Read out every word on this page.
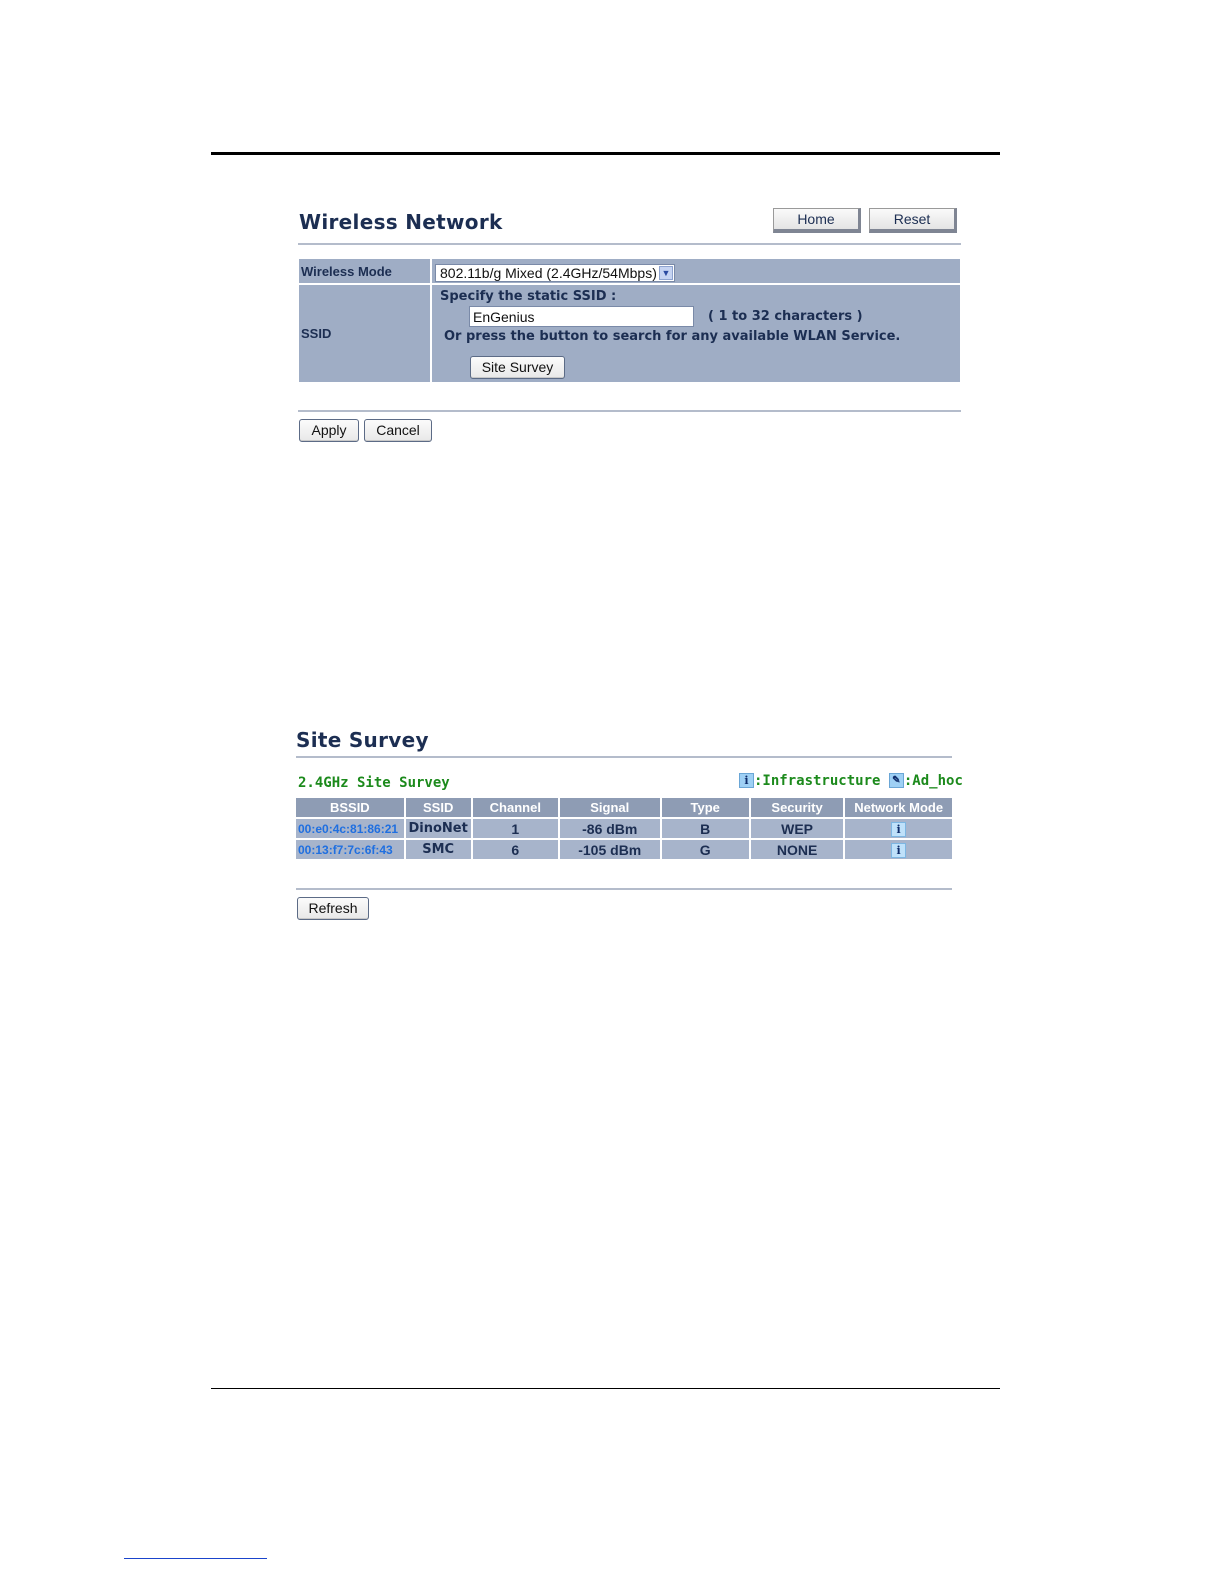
Wireless Network	Home	Reset
Wireless Mode	802.11b/g Mixed (2.4GHz/54Mbps) ▼

SSID	Specify the static SSID :
EnGenius
( 1 to 32 characters )
Or press the button to search for any available WLAN Service.
Site Survey
Apply	Cancel
Site Survey
2.4GHz Site Survey	i :Infrastructure ✎ :Ad_hoc
BSSID	SSID	Channel	Signal	Type	Security	Network Mode
00:e0:4c:81:86:21	DinoNet	1	-86 dBm	B	WEP	i
00:13:f7:7c:6f:43	SMC	6	-105 dBm	G	NONE	i
Refresh
